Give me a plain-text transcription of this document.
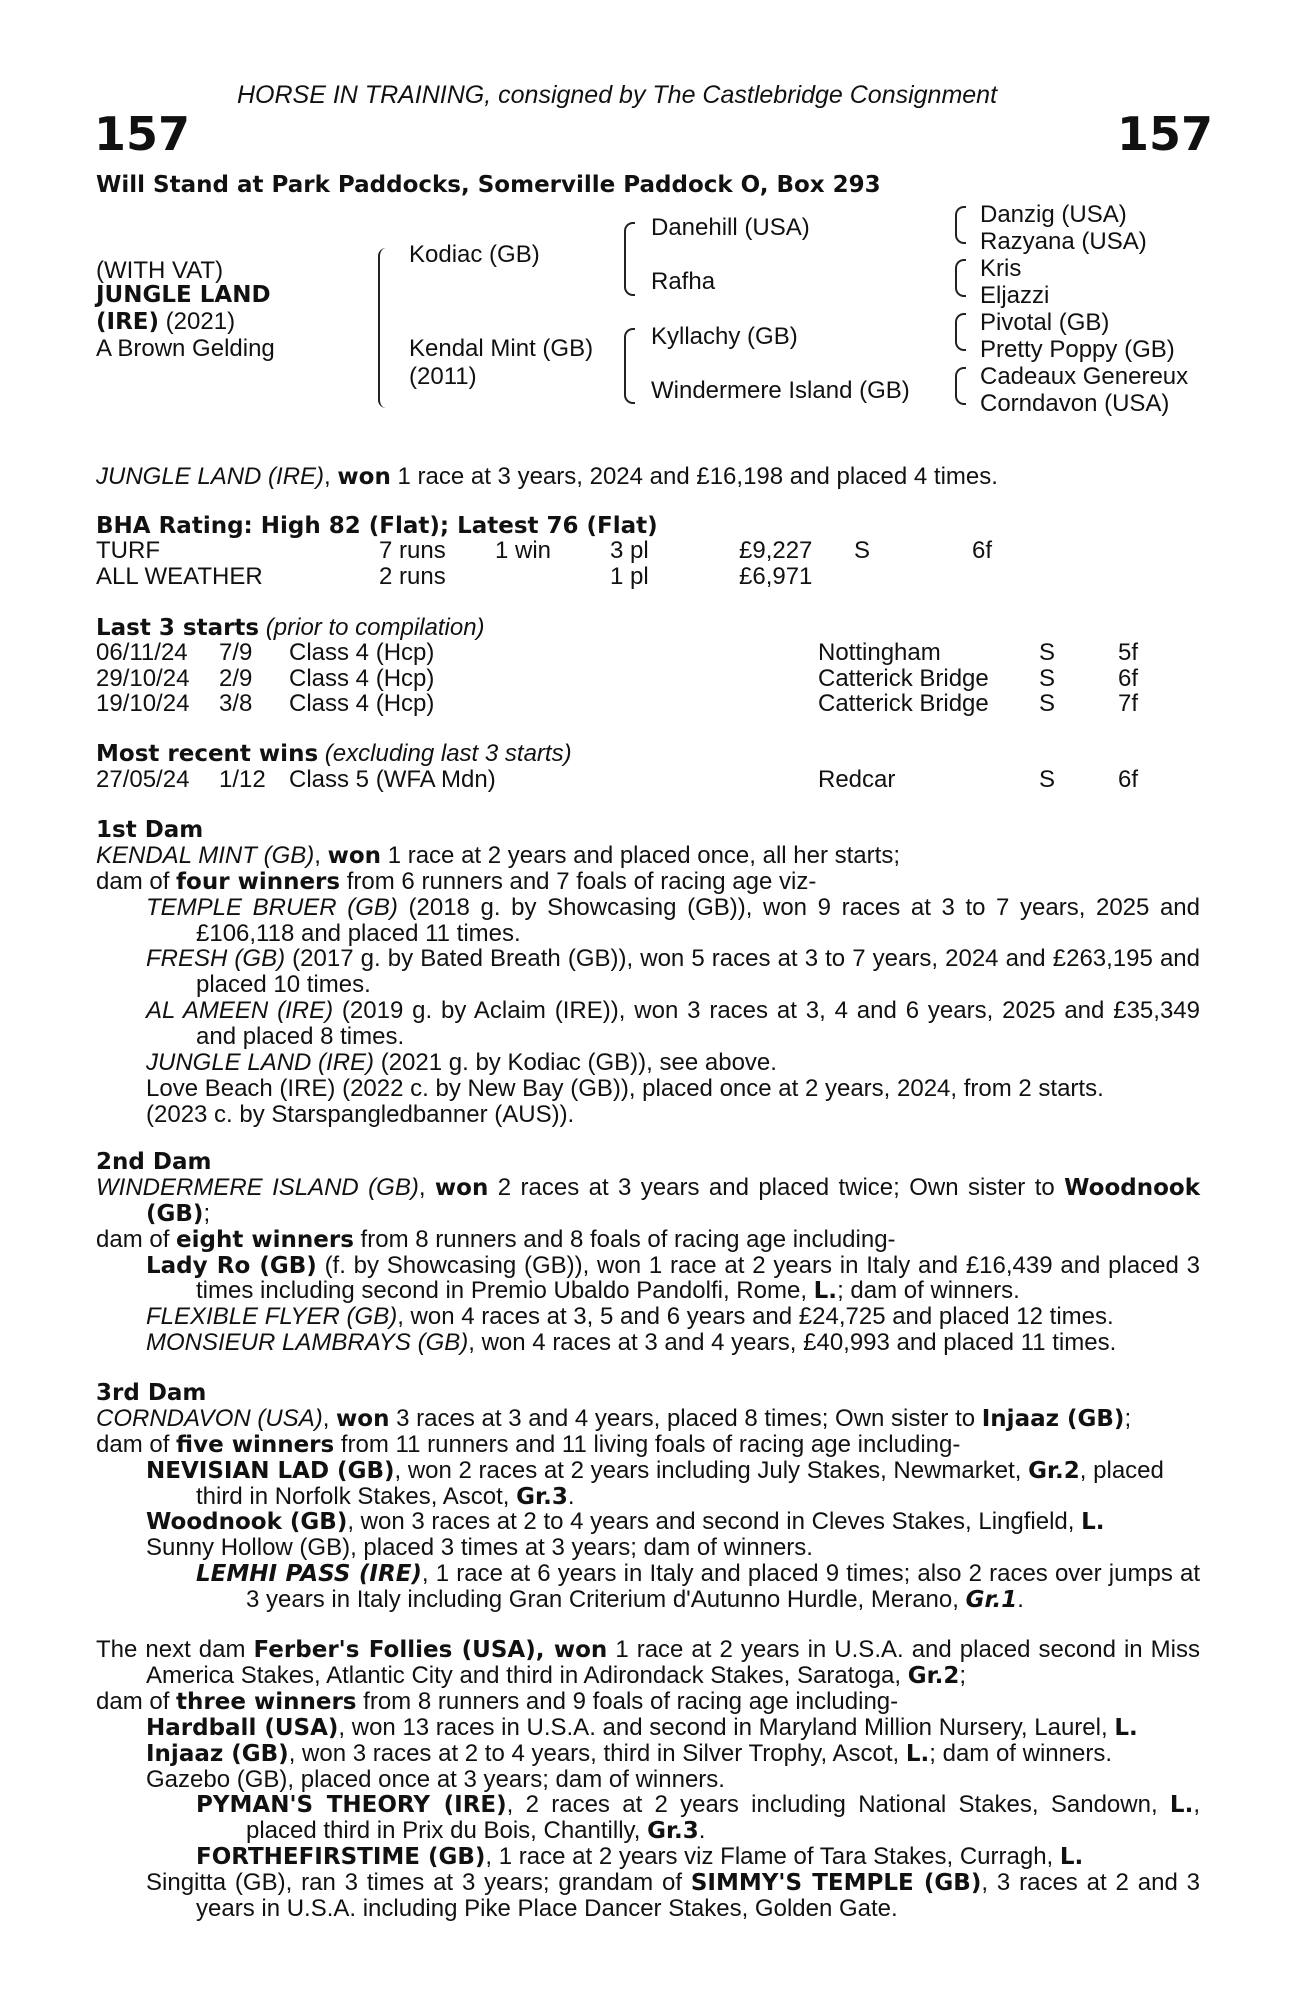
HORSE IN TRAINING, consigned by The Castlebridge Consignment
157	157
Will Stand at Park Paddocks, Somerville Paddock O, Box 293
(WITH VAT)
JUNGLE LAND
(IRE) (2021)
A Brown Gelding
Kodiac (GB)
Kendal Mint (GB)
(2011)
Danehill (USA)
Rafha
Kyllachy (GB)
Windermere Island (GB)
Danzig (USA)
Razyana (USA)
Kris
Eljazzi
Pivotal (GB)
Pretty Poppy (GB)
Cadeaux Genereux
Corndavon (USA)
JUNGLE LAND (IRE), won 1 race at 3 years, 2024 and £16,198 and placed 4 times.
BHA Rating: High 82 (Flat); Latest 76 (Flat)
TURF	7 runs 1 win 3 pl	£9,227 S	6f
ALL WEATHER	2 runs	1 pl	£6,971
Last 3 starts (prior to compilation)
06/11/24 7/9 Class 4 (Hcp)	Nottingham	S	5f
29/10/24 2/9 Class 4 (Hcp)	Catterick Bridge S	6f
19/10/24 3/8 Class 4 (Hcp)	Catterick Bridge S	7f
Most recent wins (excluding last 3 starts)
27/05/24 1/12 Class 5 (WFA Mdn)	Redcar	S	6f

1st Dam

KENDAL MINT (GB), won 1 race at 2 years and placed once, all her starts;

dam of four winners from 6 runners and 7 foals of racing age viz-

TEMPLE BRUER (GB) (2018 g. by Showcasing (GB)), won 9 races at 3 to 7 years, 2025 and £106,118 and placed 11 times.

FRESH (GB) (2017 g. by Bated Breath (GB)), won 5 races at 3 to 7 years, 2024 and £263,195 and placed 10 times.

AL AMEEN (IRE) (2019 g. by Aclaim (IRE)), won 3 races at 3, 4 and 6 years, 2025 and £35,349 and placed 8 times.

JUNGLE LAND (IRE) (2021 g. by Kodiac (GB)), see above.

Love Beach (IRE) (2022 c. by New Bay (GB)), placed once at 2 years, 2024, from 2 starts.

(2023 c. by Starspangledbanner (AUS)).

2nd Dam

WINDERMERE ISLAND (GB), won 2 races at 3 years and placed twice; Own sister to Woodnook (GB);

dam of eight winners from 8 runners and 8 foals of racing age including-

Lady Ro (GB) (f. by Showcasing (GB)), won 1 race at 2 years in Italy and £16,439 and placed 3 times including second in Premio Ubaldo Pandolfi, Rome, L.; dam of winners.

FLEXIBLE FLYER (GB), won 4 races at 3, 5 and 6 years and £24,725 and placed 12 times.

MONSIEUR LAMBRAYS (GB), won 4 races at 3 and 4 years, £40,993 and placed 11 times.

3rd Dam

CORNDAVON (USA), won 3 races at 3 and 4 years, placed 8 times; Own sister to Injaaz (GB);

dam of five winners from 11 runners and 11 living foals of racing age including-

NEVISIAN LAD (GB), won 2 races at 2 years including July Stakes, Newmarket, Gr.2, placed third in Norfolk Stakes, Ascot, Gr.3.

Woodnook (GB), won 3 races at 2 to 4 years and second in Cleves Stakes, Lingfield, L.

Sunny Hollow (GB), placed 3 times at 3 years; dam of winners.

LEMHI PASS (IRE), 1 race at 6 years in Italy and placed 9 times; also 2 races over jumps at 3 years in Italy including Gran Criterium d'Autunno Hurdle, Merano, Gr.1.

The next dam Ferber's Follies (USA), won 1 race at 2 years in U.S.A. and placed second in Miss America Stakes, Atlantic City and third in Adirondack Stakes, Saratoga, Gr.2;

dam of three winners from 8 runners and 9 foals of racing age including-

Hardball (USA), won 13 races in U.S.A. and second in Maryland Million Nursery, Laurel, L.

Injaaz (GB), won 3 races at 2 to 4 years, third in Silver Trophy, Ascot, L.; dam of winners.

Gazebo (GB), placed once at 3 years; dam of winners.

PYMAN'S THEORY (IRE), 2 races at 2 years including National Stakes, Sandown, L., placed third in Prix du Bois, Chantilly, Gr.3.

FORTHEFIRSTIME (GB), 1 race at 2 years viz Flame of Tara Stakes, Curragh, L.

Singitta (GB), ran 3 times at 3 years; grandam of SIMMY'S TEMPLE (GB), 3 races at 2 and 3 years in U.S.A. including Pike Place Dancer Stakes, Golden Gate.
